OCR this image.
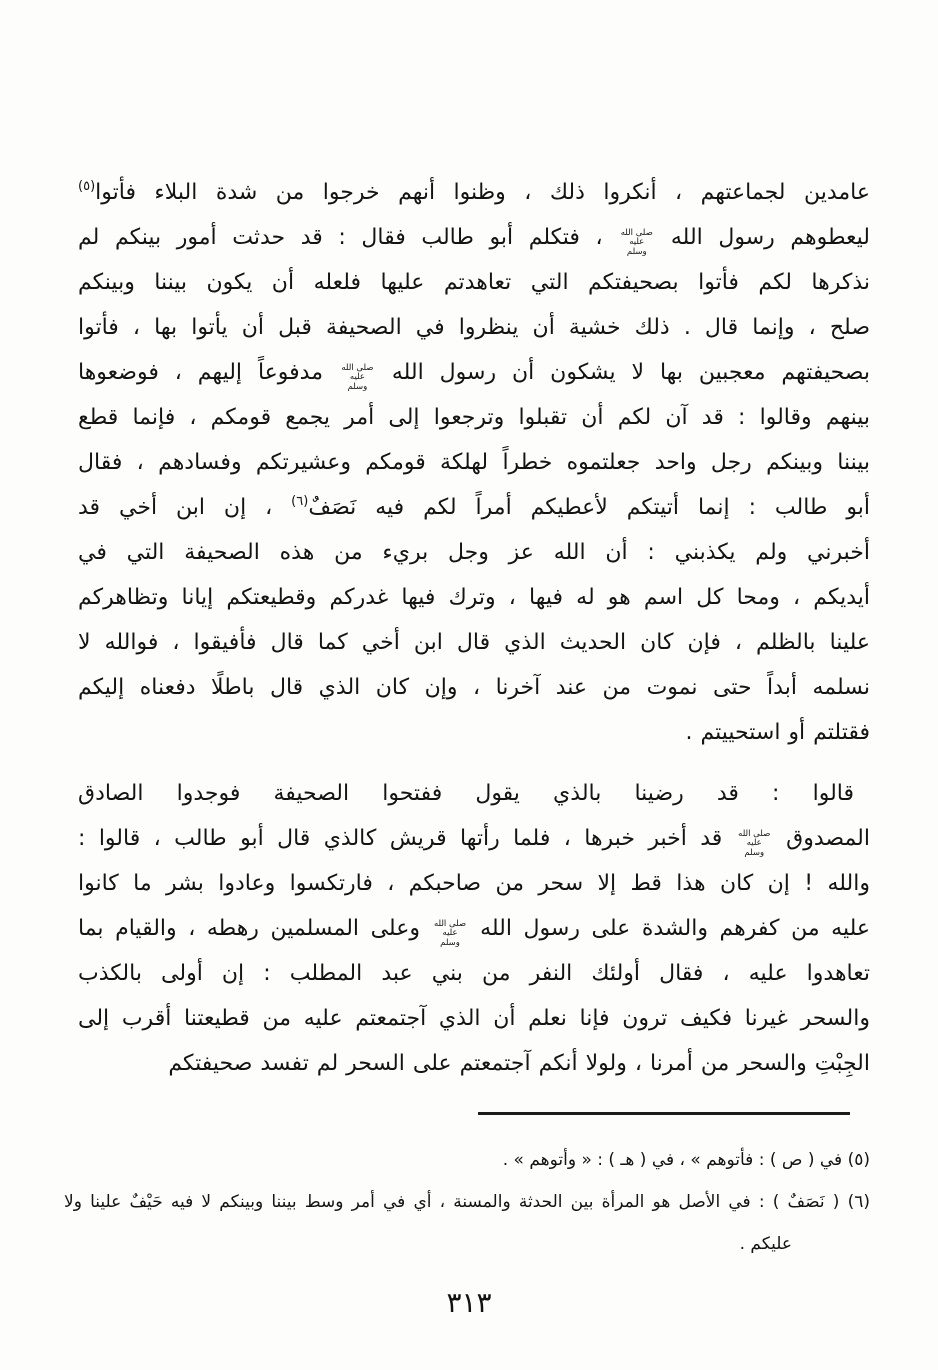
عامدين لجماعتهم ، أنكروا ذلك ، وظنوا أنهم خرجوا من شدة البلاء فأتوا$^{(٥)}$
ليعطوهم رسول الله صلى الله عليه وسلم ، فتكلم أبو طالب فقال : قد حدثت أمور بينكم لم
نذكرها لكم فأتوا بصحيفتكم التي تعاهدتم عليها فلعله أن يكون بيننا وبينكم
صلح ، وإنما قال . ذلك خشية أن ينظروا في الصحيفة قبل أن يأتوا بها ، فأتوا
بصحيفتهم معجبين بها لا يشكون أن رسول الله صلى الله عليه وسلم مدفوعاً إليهم ، فوضعوها
بينهم وقالوا : قد آن لكم أن تقبلوا وترجعوا إلى أمر يجمع قومكم ، فإنما قطع
بيننا وبينكم رجل واحد جعلتموه خطراً لهلكة قومكم وعشيرتكم وفسادهم ، فقال
أبو طالب : إنما أتيتكم لأعطيكم أمراً لكم فيه نَصَفٌ$^{(٦)}$ ، إن ابن أخي قد
أخبرني ولم يكذبني : أن الله عز وجل بريء من هذه الصحيفة التي في
أيديكم ، ومحا كل اسم هو له فيها ، وترك فيها غدركم وقطيعتكم إيانا وتظاهركم
علينا بالظلم ، فإن كان الحديث الذي قال ابن أخي كما قال فأفيقوا ، فوالله لا
نسلمه أبداً حتى نموت من عند آخرنا ، وإن كان الذي قال باطلًا دفعناه إليكم
فقتلتم أو استحييتم .
قالوا : قد رضينا بالذي يقول ففتحوا الصحيفة فوجدوا الصادق
المصدوق صلى الله عليه وسلم قد أخبر خبرها ، فلما رأتها قريش كالذي قال أبو طالب ، قالوا :
والله ! إن كان هذا قط إلا سحر من صاحبكم ، فارتكسوا وعادوا بشر ما كانوا
عليه من كفرهم والشدة على رسول الله صلى الله عليه وسلم وعلى المسلمين رهطه ، والقيام بما
تعاهدوا عليه ، فقال أولئك النفر من بني عبد المطلب : إن أولى بالكذب
والسحر غيرنا فكيف ترون فإنا نعلم أن الذي آجتمعتم عليه من قطيعتنا أقرب إلى
الجِبْتِ والسحر من أمرنا ، ولولا أنكم آجتمعتم على السحر لم تفسد صحيفتكم
(٥) في ( ص ) : فأتوهم » ، في ( هـ ) : « وأتوهم » .
(٦) ( نَصَفٌ ) : في الأصل هو المرأة بين الحدثة والمسنة ، أي في أمر وسط بيننا وبينكم لا فيه حَيْفٌ علينا ولا
عليكم .
٣١٣
